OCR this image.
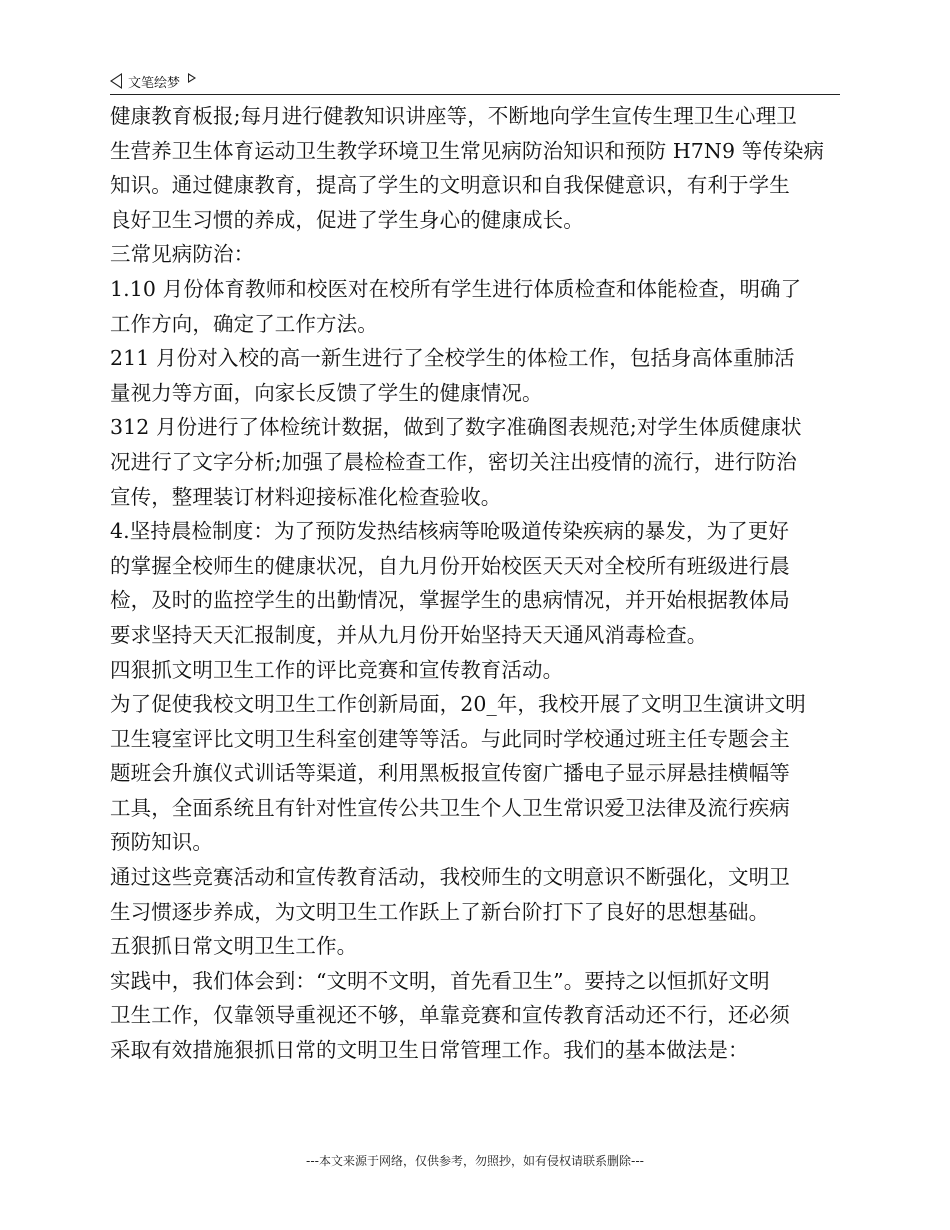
文笔绘梦
健康教育板报;每月进行健教知识讲座等，不断地向学生宣传生理卫生心理卫
生营养卫生体育运动卫生教学环境卫生常见病防治知识和预防 H7N9 等传染病
知识。通过健康教育，提高了学生的文明意识和自我保健意识，有利于学生
良好卫生习惯的养成，促进了学生身心的健康成长。
三常见病防治：
1.10 月份体育教师和校医对在校所有学生进行体质检查和体能检查，明确了
工作方向，确定了工作方法。
211 月份对入校的高一新生进行了全校学生的体检工作，包括身高体重肺活
量视力等方面，向家长反馈了学生的健康情况。
312 月份进行了体检统计数据，做到了数字准确图表规范;对学生体质健康状
况进行了文字分析;加强了晨检检查工作，密切关注出疫情的流行，进行防治
宣传，整理装订材料迎接标准化检查验收。
4.坚持晨检制度：为了预防发热结核病等呛吸道传染疾病的暴发，为了更好
的掌握全校师生的健康状况，自九月份开始校医天天对全校所有班级进行晨
检，及时的监控学生的出勤情况，掌握学生的患病情况，并开始根据教体局
要求坚持天天汇报制度，并从九月份开始坚持天天通风消毒检查。
四狠抓文明卫生工作的评比竞赛和宣传教育活动。
为了促使我校文明卫生工作创新局面，20_年，我校开展了文明卫生演讲文明
卫生寝室评比文明卫生科室创建等等活。与此同时学校通过班主任专题会主
题班会升旗仪式训话等渠道，利用黑板报宣传窗广播电子显示屏悬挂横幅等
工具，全面系统且有针对性宣传公共卫生个人卫生常识爱卫法律及流行疾病
预防知识。
通过这些竞赛活动和宣传教育活动，我校师生的文明意识不断强化，文明卫
生习惯逐步养成，为文明卫生工作跃上了新台阶打下了良好的思想基础。
五狠抓日常文明卫生工作。
实践中，我们体会到：“文明不文明，首先看卫生”。要持之以恒抓好文明
卫生工作，仅靠领导重视还不够，单靠竞赛和宣传教育活动还不行，还必须
采取有效措施狠抓日常的文明卫生日常管理工作。我们的基本做法是：
---本文来源于网络，仅供参考，勿照抄，如有侵权请联系删除---
